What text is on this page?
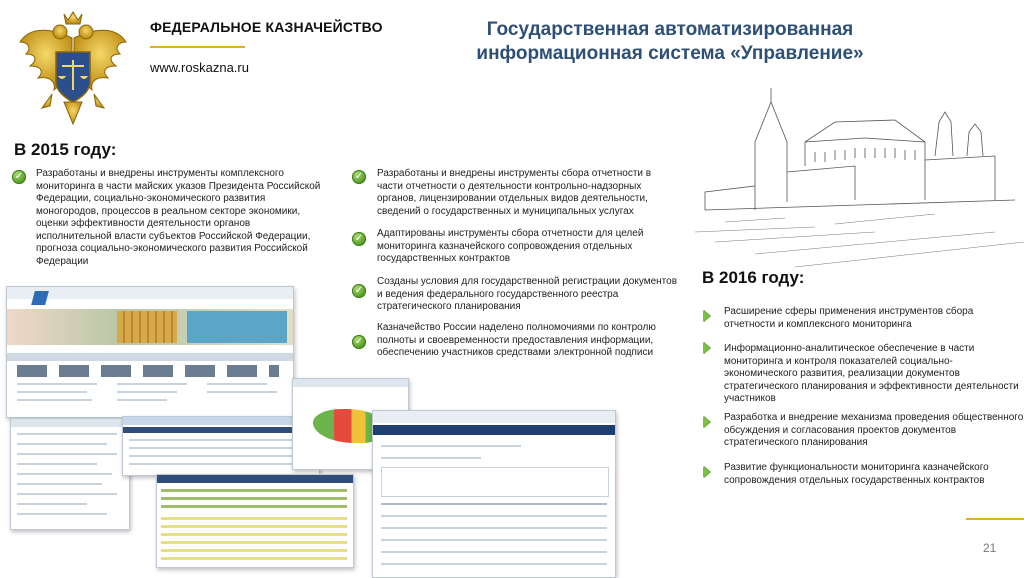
ФЕДЕРАЛЬНОЕ КАЗНАЧЕЙСТВО
www.roskazna.ru
Государственная автоматизированная
информационная система «Управление»
В 2015 году:
✓ Разработаны и внедрены инструменты комплексного мониторинга в части майских указов Президента Российской Федерации, социально-экономического развития моногородов, процессов в реальном секторе экономики, оценки эффективности деятельности органов исполнительной власти субъектов Российской Федерации, прогноза социально-экономического развития Российской Федерации
✓ Разработаны и внедрены инструменты сбора отчетности в части отчетности о деятельности контрольно-надзорных органов, лицензировании отдельных видов деятельности, сведений о государственных и муниципальных услугах
✓ Адаптированы инструменты сбора отчетности для целей мониторинга казначейского сопровождения отдельных государственных контрактов
✓
Созданы условия для государственной регистрации документов и ведения федерального государственного реестра стратегического планирования
✓
Казначейство России наделено полномочиями по контролю полноты и своевременности предоставления информации, обеспечению участников средствами электронной подписи
В 2016 году:
Расширение сферы применения инструментов сбора отчетности и комплексного мониторинга
Информационно-аналитическое обеспечение в части мониторинга и контроля показателей социально-экономического развития, реализации документов стратегического планирования и эффективности деятельности участников
Разработка и внедрение механизма проведения общественного обсуждения и согласования проектов документов стратегического планирования
Развитие функциональности мониторинга казначейского сопровождения отдельных государственных контрактов
21
